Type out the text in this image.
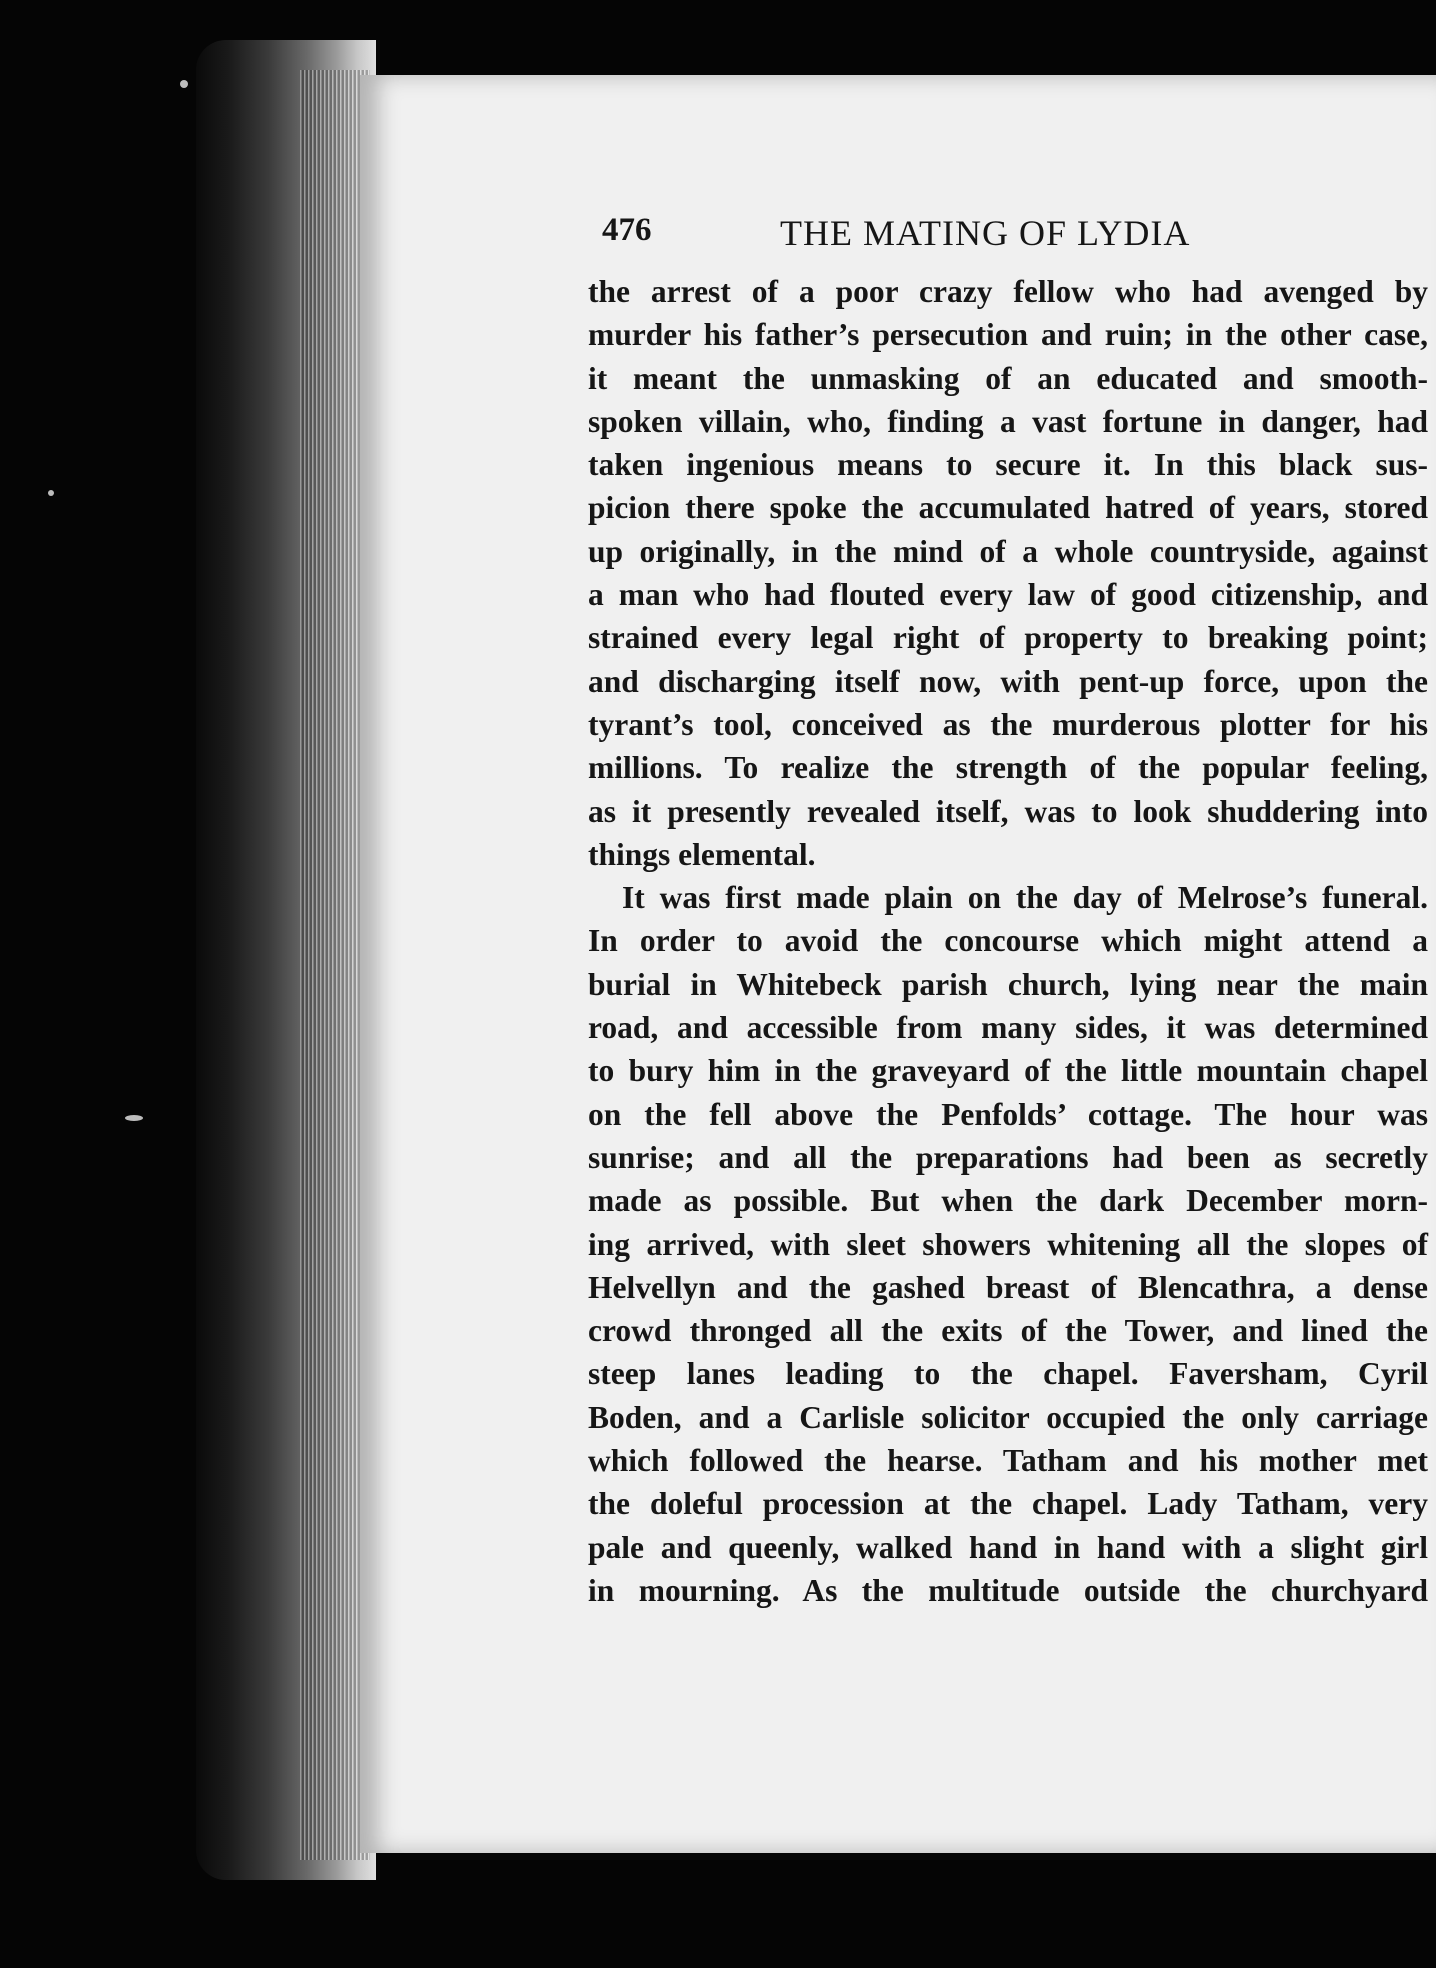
476	THE MATING OF LYDIA
the arrest of a poor crazy fellow who had avenged by
murder his father’s persecution and ruin; in the other case,
it meant the unmasking of an educated and smooth-
spoken villain, who, finding a vast fortune in danger, had
taken ingenious means to secure it. In this black sus-
picion there spoke the accumulated hatred of years, stored
up originally, in the mind of a whole countryside, against
a man who had flouted every law of good citizenship, and
strained every legal right of property to breaking point;
and discharging itself now, with pent-up force, upon the
tyrant’s tool, conceived as the murderous plotter for his
millions. To realize the strength of the popular feeling,
as it presently revealed itself, was to look shuddering into
things elemental.
It was first made plain on the day of Melrose’s funeral.
In order to avoid the concourse which might attend a
burial in Whitebeck parish church, lying near the main
road, and accessible from many sides, it was determined
to bury him in the graveyard of the little mountain chapel
on the fell above the Penfolds’ cottage. The hour was
sunrise; and all the preparations had been as secretly
made as possible. But when the dark December morn-
ing arrived, with sleet showers whitening all the slopes of
Helvellyn and the gashed breast of Blencathra, a dense
crowd thronged all the exits of the Tower, and lined the
steep lanes leading to the chapel. Faversham, Cyril
Boden, and a Carlisle solicitor occupied the only carriage
which followed the hearse. Tatham and his mother met
the doleful procession at the chapel. Lady Tatham, very
pale and queenly, walked hand in hand with a slight girl
in mourning. As the multitude outside the churchyard
